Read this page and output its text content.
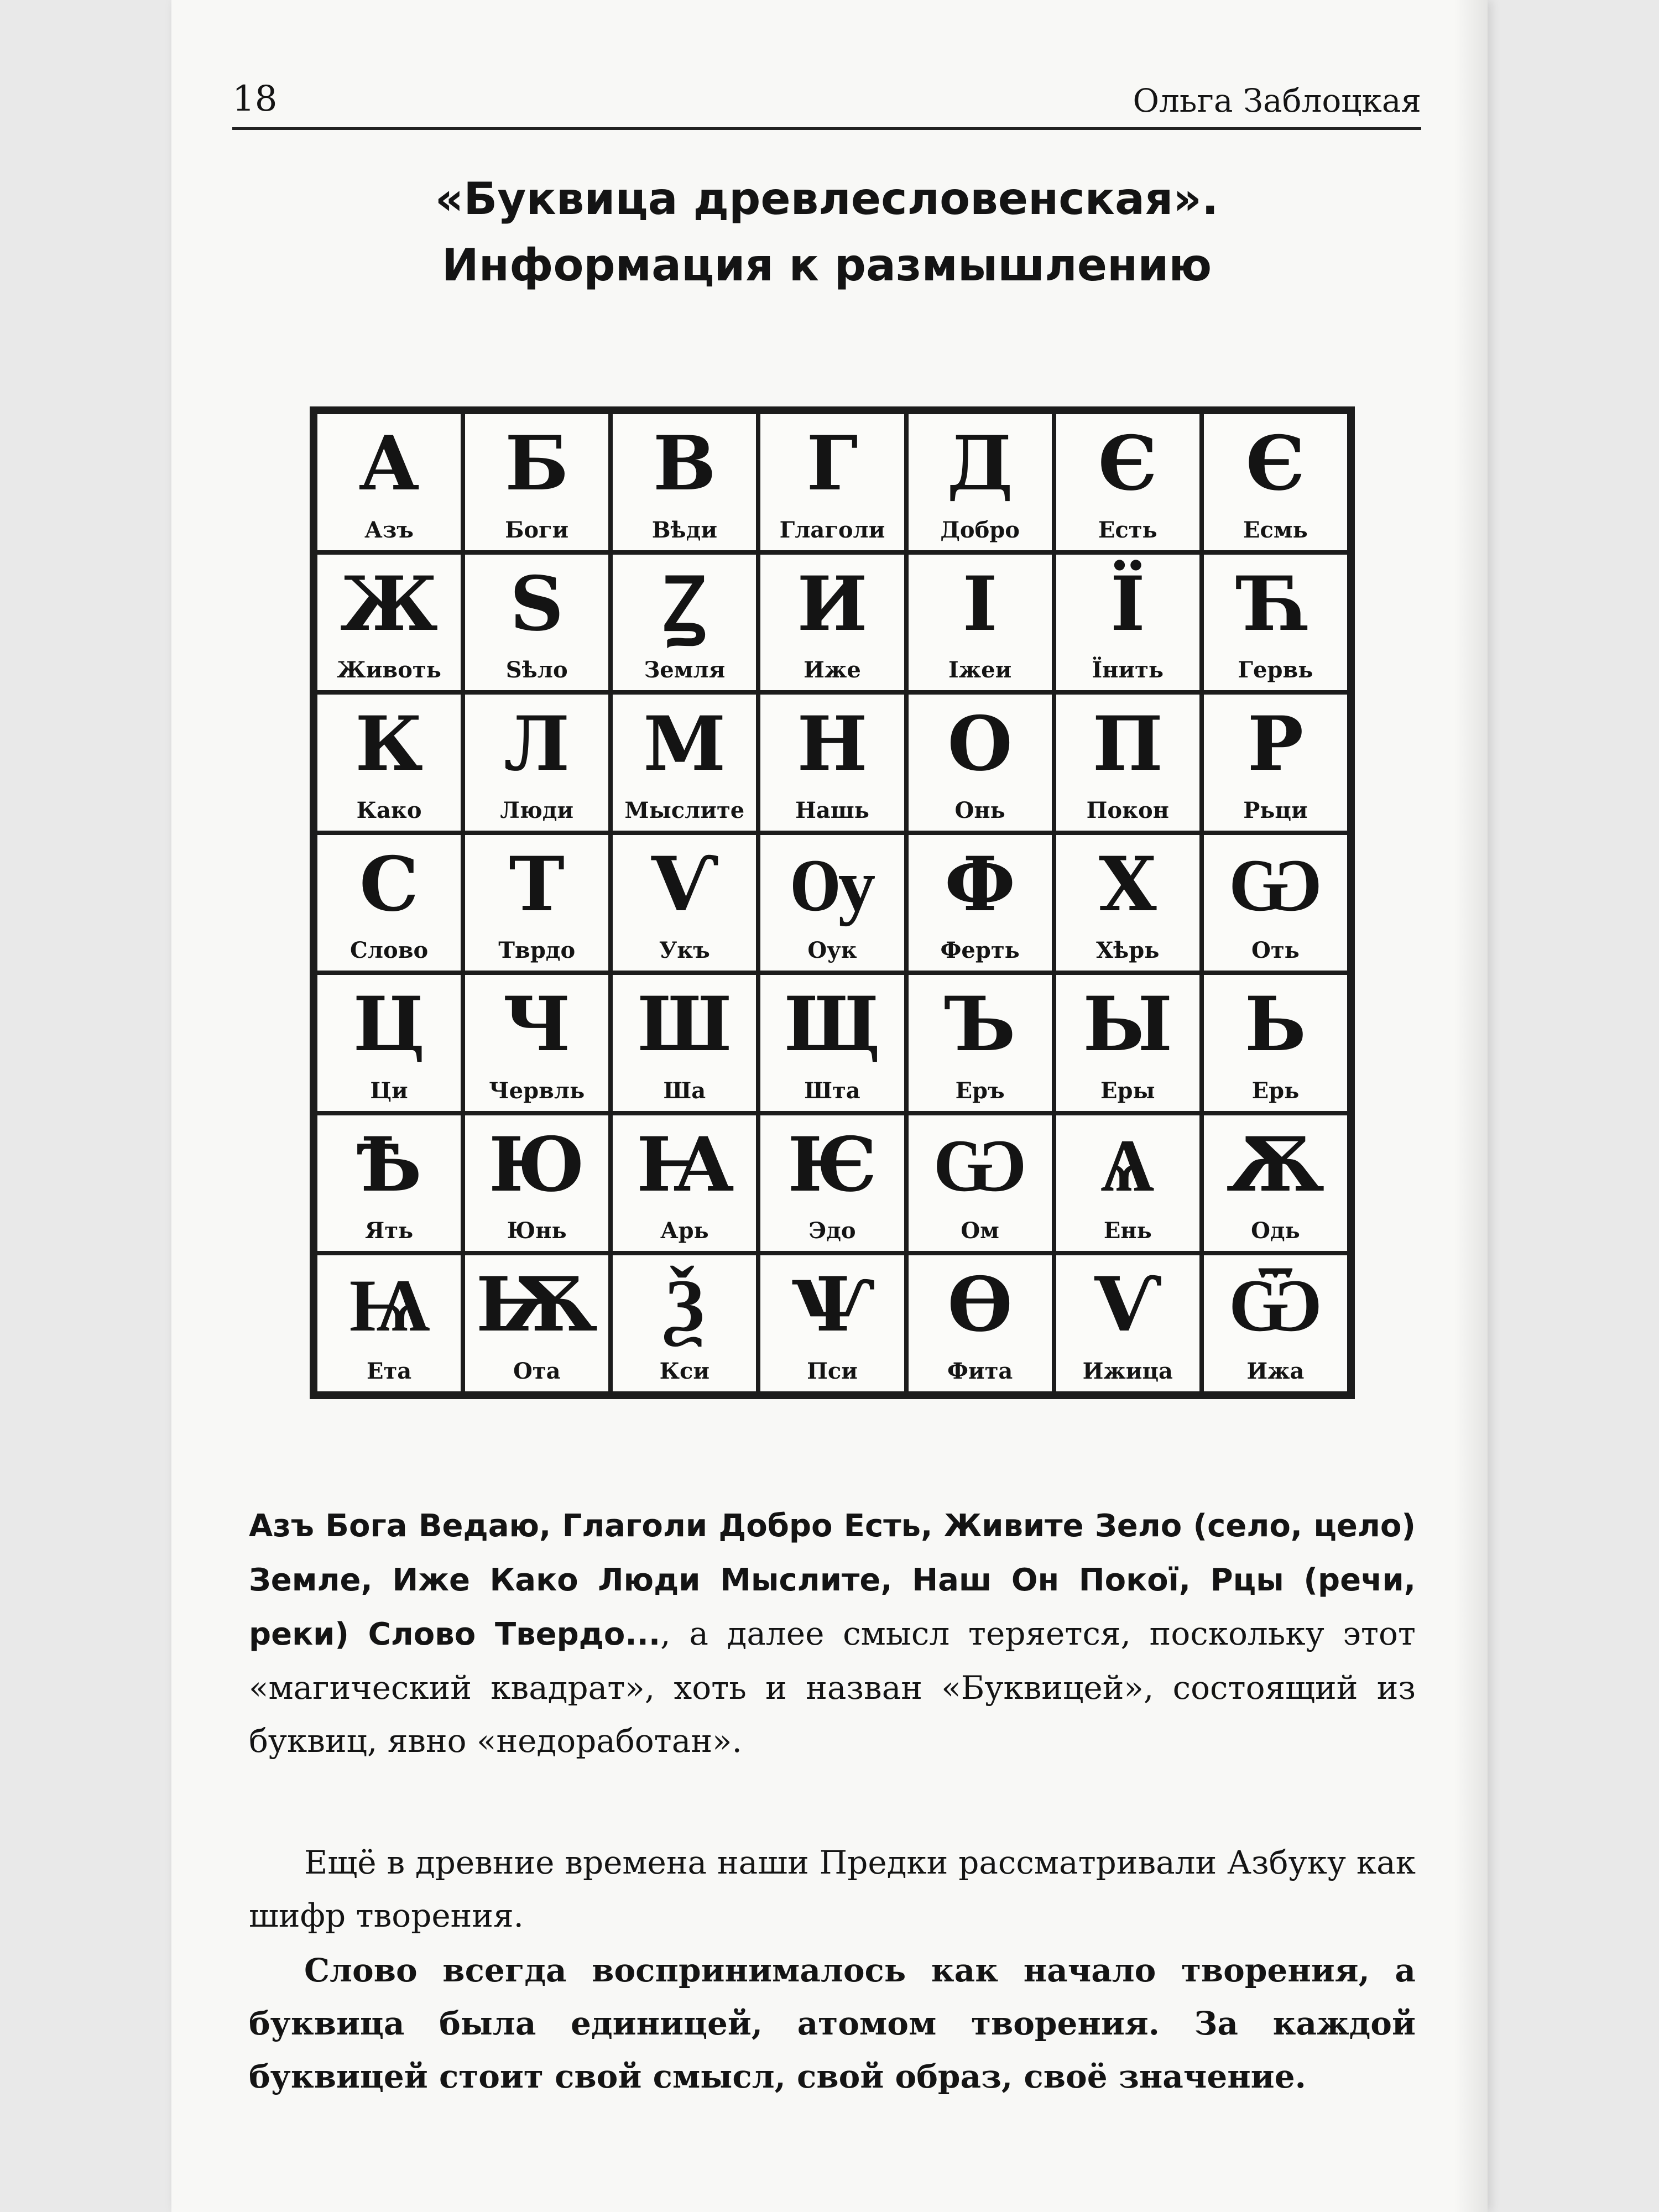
18	Ольга Заблоцкая
«Буквица древлесловенская».
Информация к размышлению
А
Азъ
Б
Боги
В
Вѣди
Г
Глаголи
Д
Добро
Є
Есть
Є
Есмь
Ж
Животь
Ѕ
Sѣло
Ꙁ
Земля
И
Иже
І
Іжеи
Ї
Їнить
Ћ
Гервь
К
Како
Л
Люди
М
Мыслите
Н
Нашь
О
Онь
П
Покон
Р
Рьци
С
Слово
Т
Тврдо
Ѵ
Укъ
Ѹ
Оук
Ф
Ферть
Х
Хѣрь
Ѡ
Оть
Ц
Ци
Ч
Червль
Ш
Ша
Щ
Шта
Ъ
Еръ
Ы
Еры
Ь
Ерь
Ѣ
Ять
Ю
Юнь
Ꙗ
Арь
Ѥ
Эдо
Ѡ
Ом
Ѧ
Ень
Ѫ
Одь
Ѩ
Ета
Ѭ
Ота
Ѯ
Кси
Ѱ
Пси
Ѳ
Фита
Ѵ
Ижица
Ѿ
Ижа
Азъ Бога Ведаю, Глаголи Добро Есть, Живите Зело (село, цело) Земле, Иже Како Люди Мыслите, Наш Он Покоï, Рцы (речи, реки) Слово Твердо..., а далее смысл теряется, поскольку этот «магический квадрат», хоть и назван «Буквицей», состоящий из буквиц, явно «недоработан».
Ещё в древние времена наши Предки рассматривали Азбуку как шифр творения.
Слово всегда воспринималось как начало творения, а буквица была единицей, атомом творения. За каждой буквицей стоит свой смысл, свой образ, своё значение.
